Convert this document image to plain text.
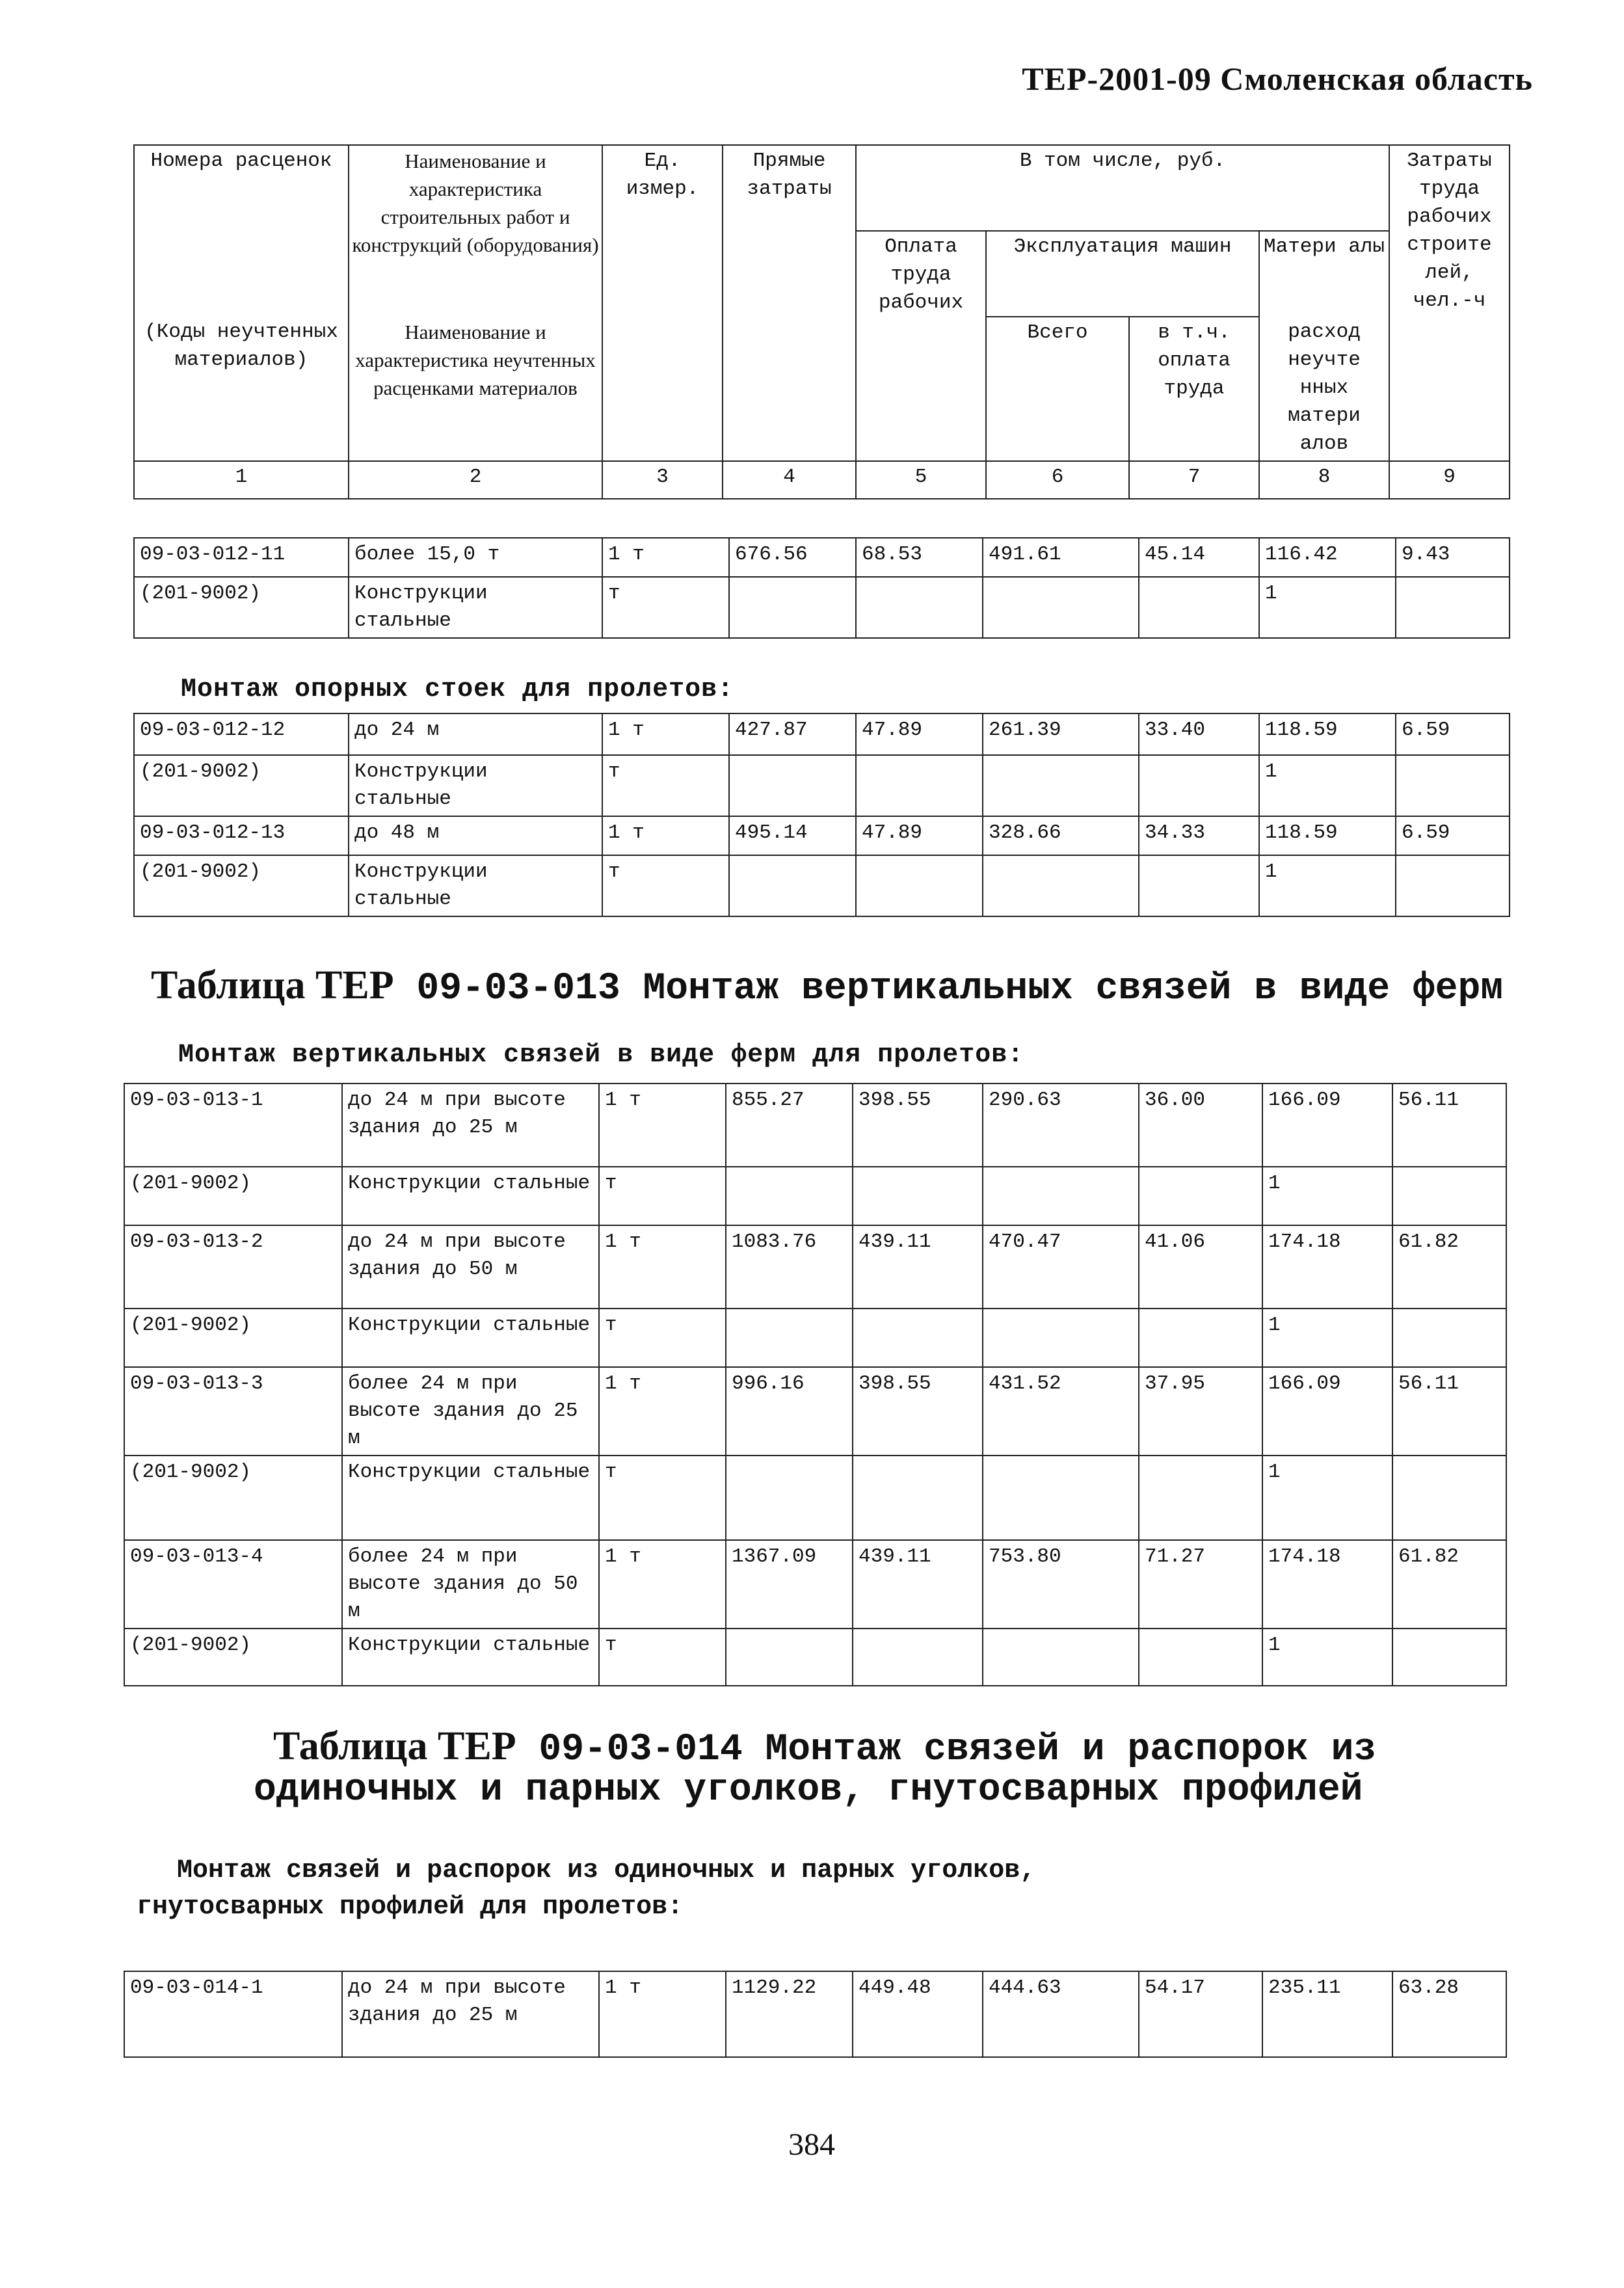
ТЕР-2001-09 Смоленская область
Номера расценок	Наименование и характеристика строительных работ и конструкций (оборудования)	Ед. измер.	Прямые затраты	В том числе, руб.				Затраты труда рабочих строите лей, чел.-ч
				Оплата труда рабочих	Эксплуатация машин		Матери алы	
(Коды неучтенных материалов)	Наименование и характеристика неучтенных расценками материалов				Всего	в т.ч. оплата труда	расход неучте нных матери алов	
1	2	3	4	5	6	7	8	9
09-03-012-11	более 15,0 т	1 т	676.56	68.53	491.61	45.14	116.42	9.43
(201-9002)	Конструкции стальные	т					1	
Монтаж опорных стоек для пролетов:
09-03-012-12	до 24 м	1 т	427.87	47.89	261.39	33.40	118.59	6.59
(201-9002)	Конструкции стальные	т					1	
09-03-012-13	до 48 м	1 т	495.14	47.89	328.66	34.33	118.59	6.59
(201-9002)	Конструкции стальные	т					1	
Таблица ТЕР 09-03-013 Монтаж вертикальных связей в виде ферм
Монтаж вертикальных связей в виде ферм для пролетов:
09-03-013-1	до 24 м при высоте здания до 25 м	1 т	855.27	398.55	290.63	36.00	166.09	56.11
(201-9002)	Конструкции стальные	т					1	
09-03-013-2	до 24 м при высоте здания до 50 м	1 т	1083.76	439.11	470.47	41.06	174.18	61.82
(201-9002)	Конструкции стальные	т					1	
09-03-013-3	более 24 м при высоте здания до 25 м	1 т	996.16	398.55	431.52	37.95	166.09	56.11
(201-9002)	Конструкции стальные	т					1	
09-03-013-4	более 24 м при высоте здания до 50 м	1 т	1367.09	439.11	753.80	71.27	174.18	61.82
(201-9002)	Конструкции стальные	т					1	
Таблица ТЕР 09-03-014 Монтаж связей и распорок из
одиночных и парных уголков, гнутосварных профилей
Монтаж связей и распорок из одиночных и парных уголков,
гнутосварных профилей для пролетов:
09-03-014-1	до 24 м при высоте здания до 25 м	1 т	1129.22	449.48	444.63	54.17	235.11	63.28
384
